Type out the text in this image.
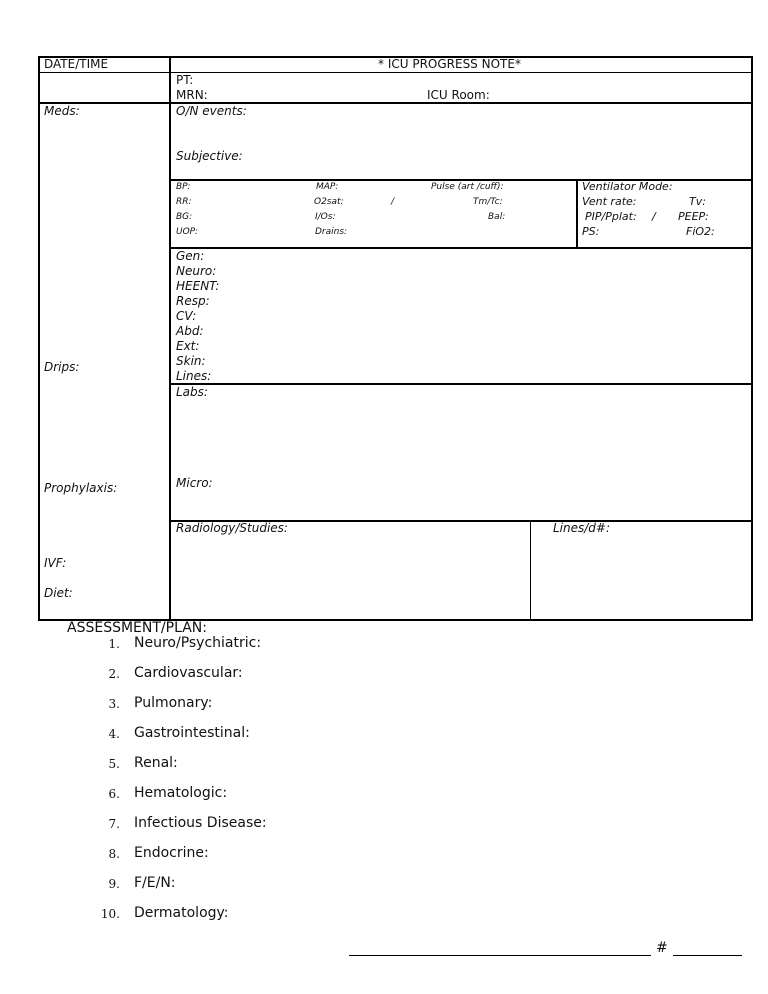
DATE/TIME	* ICU PROGRESS NOTE*
PT:
MRN:	ICU Room:
Meds:
Drips:
Prophylaxis:
IVF:
Diet:
O/N events:
Subjective:
BP:	MAP:	Pulse (art /cuff):
RR:	O2sat:	/	Tm/Tc:
BG:	I/Os:	Bal:
UOP:	Drains:
Ventilator Mode:
Vent rate:	Tv:
PIP/Pplat: / PEEP:
PS:	FiO2:
Gen:
Neuro:
HEENT:
Resp:
CV:
Abd:
Ext:
Skin:
Lines:
Labs:
Micro:
Radiology/Studies:	Lines/d#:
ASSESSMENT/PLAN:
1. Neuro/Psychiatric:
2. Cardiovascular:
3. Pulmonary:
4. Gastrointestinal:
5. Renal:
6. Hematologic:
7. Infectious Disease:
8. Endocrine:
9. F/E/N:
10. Dermatology:
#
